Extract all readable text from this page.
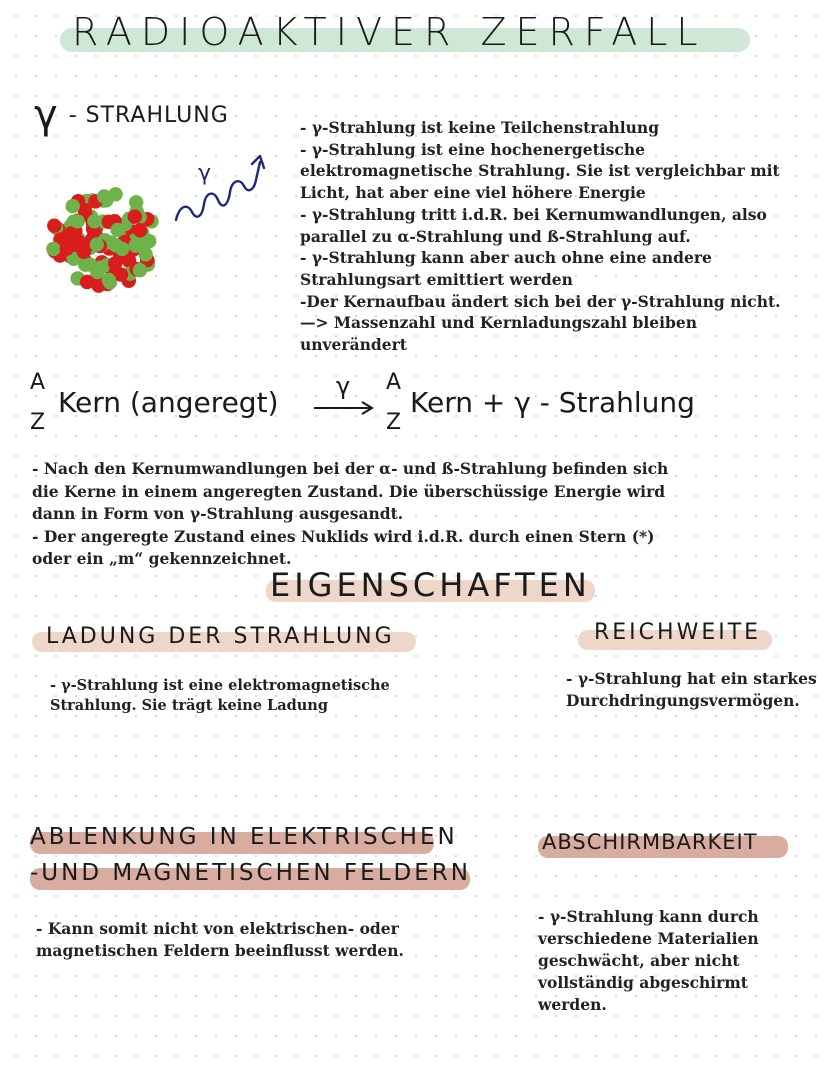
RADIOAKTIVER ZERFALL
γ - STRAHLUNG
γ

- γ-Strahlung ist keine Teilchenstrahlung

- γ-Strahlung ist eine hochenergetische elektromagnetische Strahlung. Sie ist vergleichbar mit Licht, hat aber eine viel höhere Energie

- γ-Strahlung tritt i.d.R. bei Kernumwandlungen, also parallel zu α-Strahlung und ß-Strahlung auf.

- γ-Strahlung kann aber auch ohne eine andere Strahlungsart emittiert werden

-Der Kernaufbau ändert sich bei der γ-Strahlung nicht.

—> Massenzahl und Kernladungszahl bleiben unverändert

A
Z
Kern (angeregt) →
γ A
Z
Kern + γ - Strahlung
- Nach den Kernumwandlungen bei der α- und ß-Strahlung befinden sich
die Kerne in einem angeregten Zustand. Die überschüssige Energie wird
dann in Form von γ-Strahlung ausgesandt.
- Der angeregte Zustand eines Nuklids wird i.d.R. durch einen Stern (*)
oder ein „m“ gekennzeichnet.
EIGENSCHAFTEN
LADUNG DER STRAHLUNG
- γ-Strahlung ist eine elektromagnetische
Strahlung. Sie trägt keine Ladung
REICHWEITE
- γ-Strahlung hat ein starkes
Durchdringungsvermögen.
ABLENKUNG IN ELEKTRISCHEN
-UND MAGNETISCHEN FELDERN
- Kann somit nicht von elektrischen- oder
magnetischen Feldern beeinflusst werden.
ABSCHIRMBARKEIT
- γ-Strahlung kann durch
verschiedene Materialien
geschwächt, aber nicht
vollständig abgeschirmt
werden.
